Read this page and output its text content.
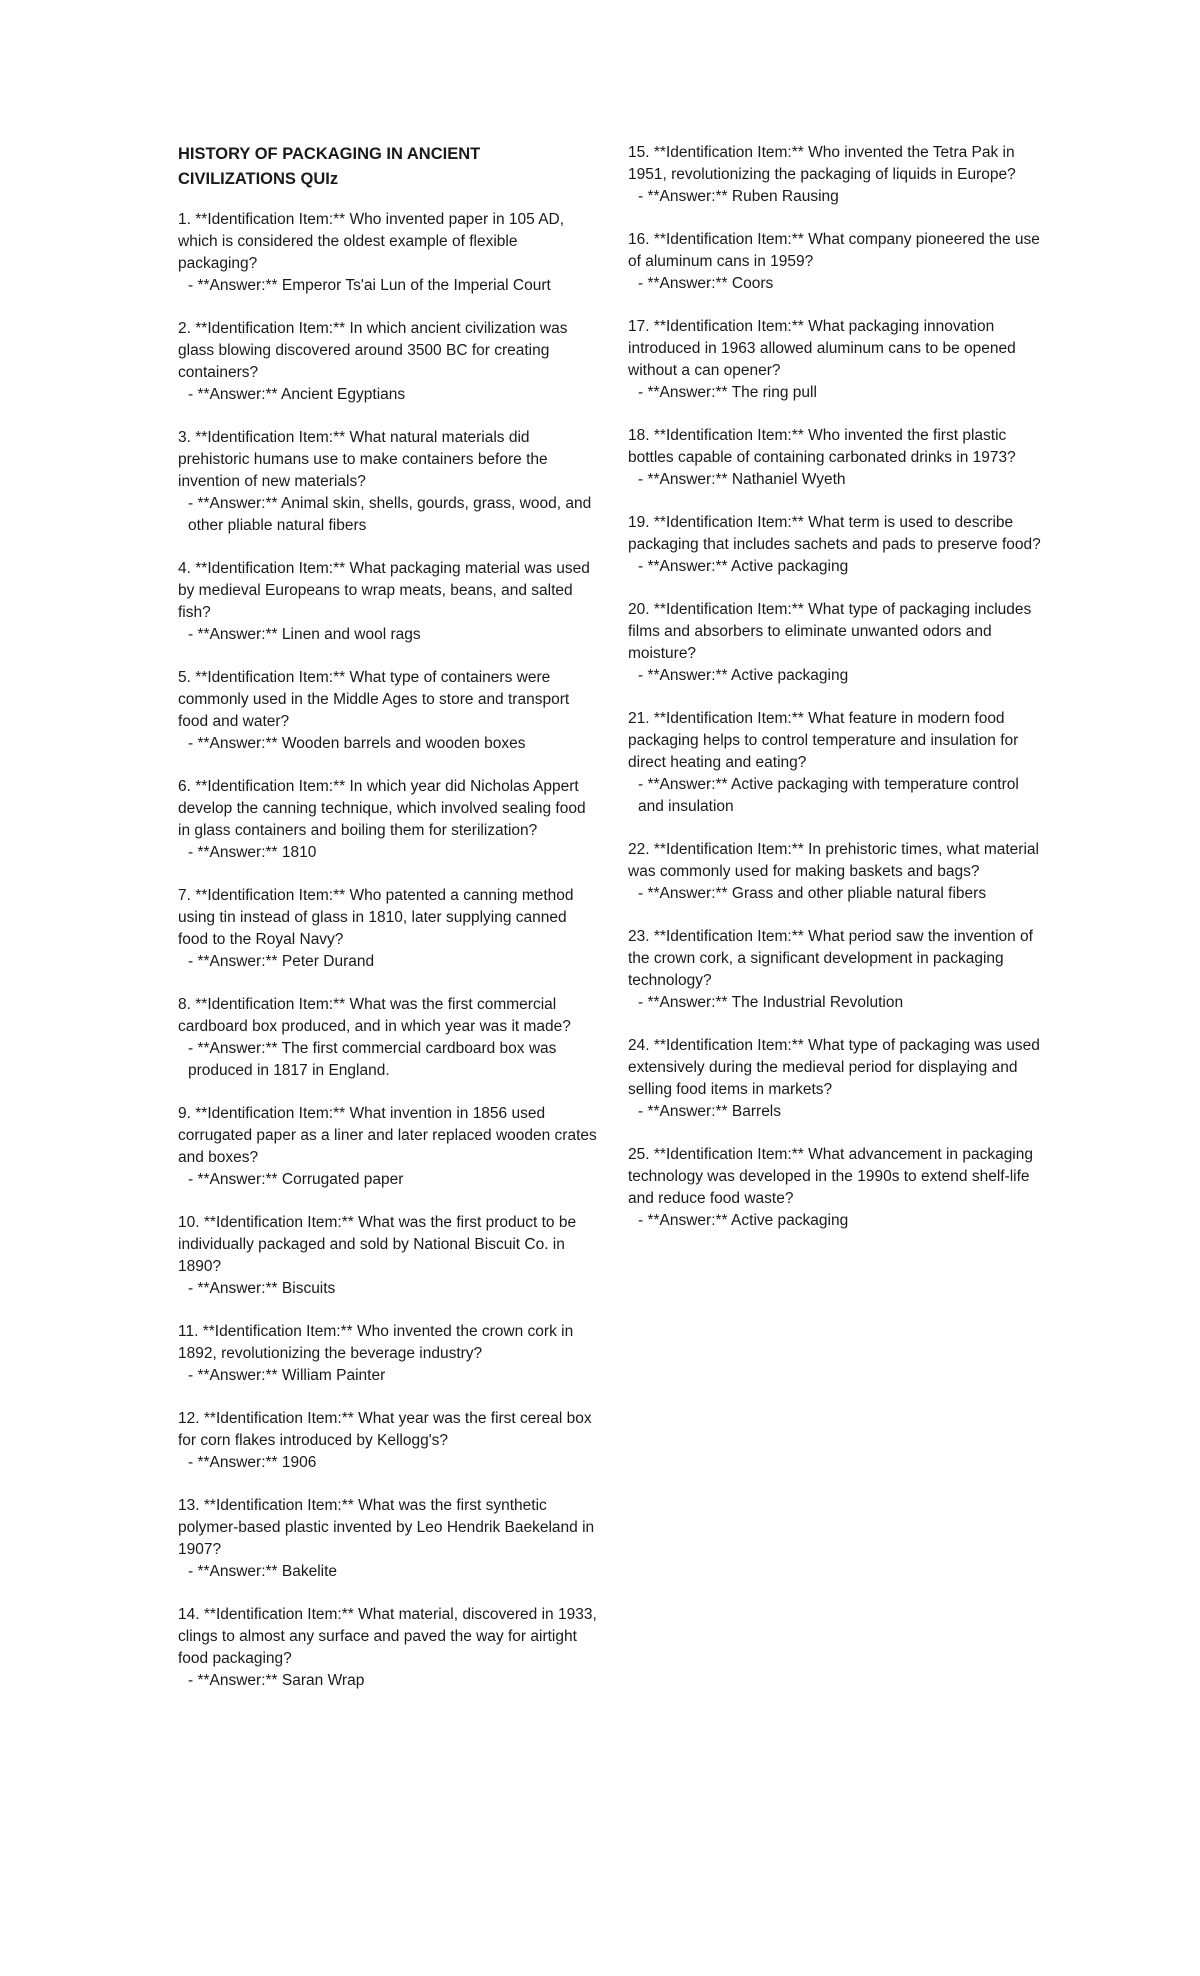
HISTORY OF PACKAGING IN ANCIENT CIVILIZATIONS QUIz

1. **Identification Item:** Who invented paper in 105 AD, which is considered the oldest example of flexible packaging?

- **Answer:** Emperor Ts'ai Lun of the Imperial Court

2. **Identification Item:** In which ancient civilization was glass blowing discovered around 3500 BC for creating containers?

- **Answer:** Ancient Egyptians

3. **Identification Item:** What natural materials did prehistoric humans use to make containers before the invention of new materials?

- **Answer:** Animal skin, shells, gourds, grass, wood, and other pliable natural fibers

4. **Identification Item:** What packaging material was used by medieval Europeans to wrap meats, beans, and salted fish?

- **Answer:** Linen and wool rags

5. **Identification Item:** What type of containers were commonly used in the Middle Ages to store and transport food and water?

- **Answer:** Wooden barrels and wooden boxes

6. **Identification Item:** In which year did Nicholas Appert develop the canning technique, which involved sealing food in glass containers and boiling them for sterilization?

- **Answer:** 1810

7. **Identification Item:** Who patented a canning method using tin instead of glass in 1810, later supplying canned food to the Royal Navy?

- **Answer:** Peter Durand

8. **Identification Item:** What was the first commercial cardboard box produced, and in which year was it made?

- **Answer:** The first commercial cardboard box was produced in 1817 in England.

9. **Identification Item:** What invention in 1856 used corrugated paper as a liner and later replaced wooden crates and boxes?

- **Answer:** Corrugated paper

10. **Identification Item:** What was the first product to be individually packaged and sold by National Biscuit Co. in 1890?

- **Answer:** Biscuits

11. **Identification Item:** Who invented the crown cork in 1892, revolutionizing the beverage industry?

- **Answer:** William Painter

12. **Identification Item:** What year was the first cereal box for corn flakes introduced by Kellogg's?

- **Answer:** 1906

13. **Identification Item:** What was the first synthetic polymer-based plastic invented by Leo Hendrik Baekeland in 1907?

- **Answer:** Bakelite

14. **Identification Item:** What material, discovered in 1933, clings to almost any surface and paved the way for airtight food packaging?

- **Answer:** Saran Wrap

15. **Identification Item:** Who invented the Tetra Pak in 1951, revolutionizing the packaging of liquids in Europe?

- **Answer:** Ruben Rausing

16. **Identification Item:** What company pioneered the use of aluminum cans in 1959?

- **Answer:** Coors

17. **Identification Item:** What packaging innovation introduced in 1963 allowed aluminum cans to be opened without a can opener?

- **Answer:** The ring pull

18. **Identification Item:** Who invented the first plastic bottles capable of containing carbonated drinks in 1973?

- **Answer:** Nathaniel Wyeth

19. **Identification Item:** What term is used to describe packaging that includes sachets and pads to preserve food?

- **Answer:** Active packaging

20. **Identification Item:** What type of packaging includes films and absorbers to eliminate unwanted odors and moisture?

- **Answer:** Active packaging

21. **Identification Item:** What feature in modern food packaging helps to control temperature and insulation for direct heating and eating?

- **Answer:** Active packaging with temperature control and insulation

22. **Identification Item:** In prehistoric times, what material was commonly used for making baskets and bags?

- **Answer:** Grass and other pliable natural fibers

23. **Identification Item:** What period saw the invention of the crown cork, a significant development in packaging technology?

- **Answer:** The Industrial Revolution

24. **Identification Item:** What type of packaging was used extensively during the medieval period for displaying and selling food items in markets?

- **Answer:** Barrels

25. **Identification Item:** What advancement in packaging technology was developed in the 1990s to extend shelf-life and reduce food waste?

- **Answer:** Active packaging
